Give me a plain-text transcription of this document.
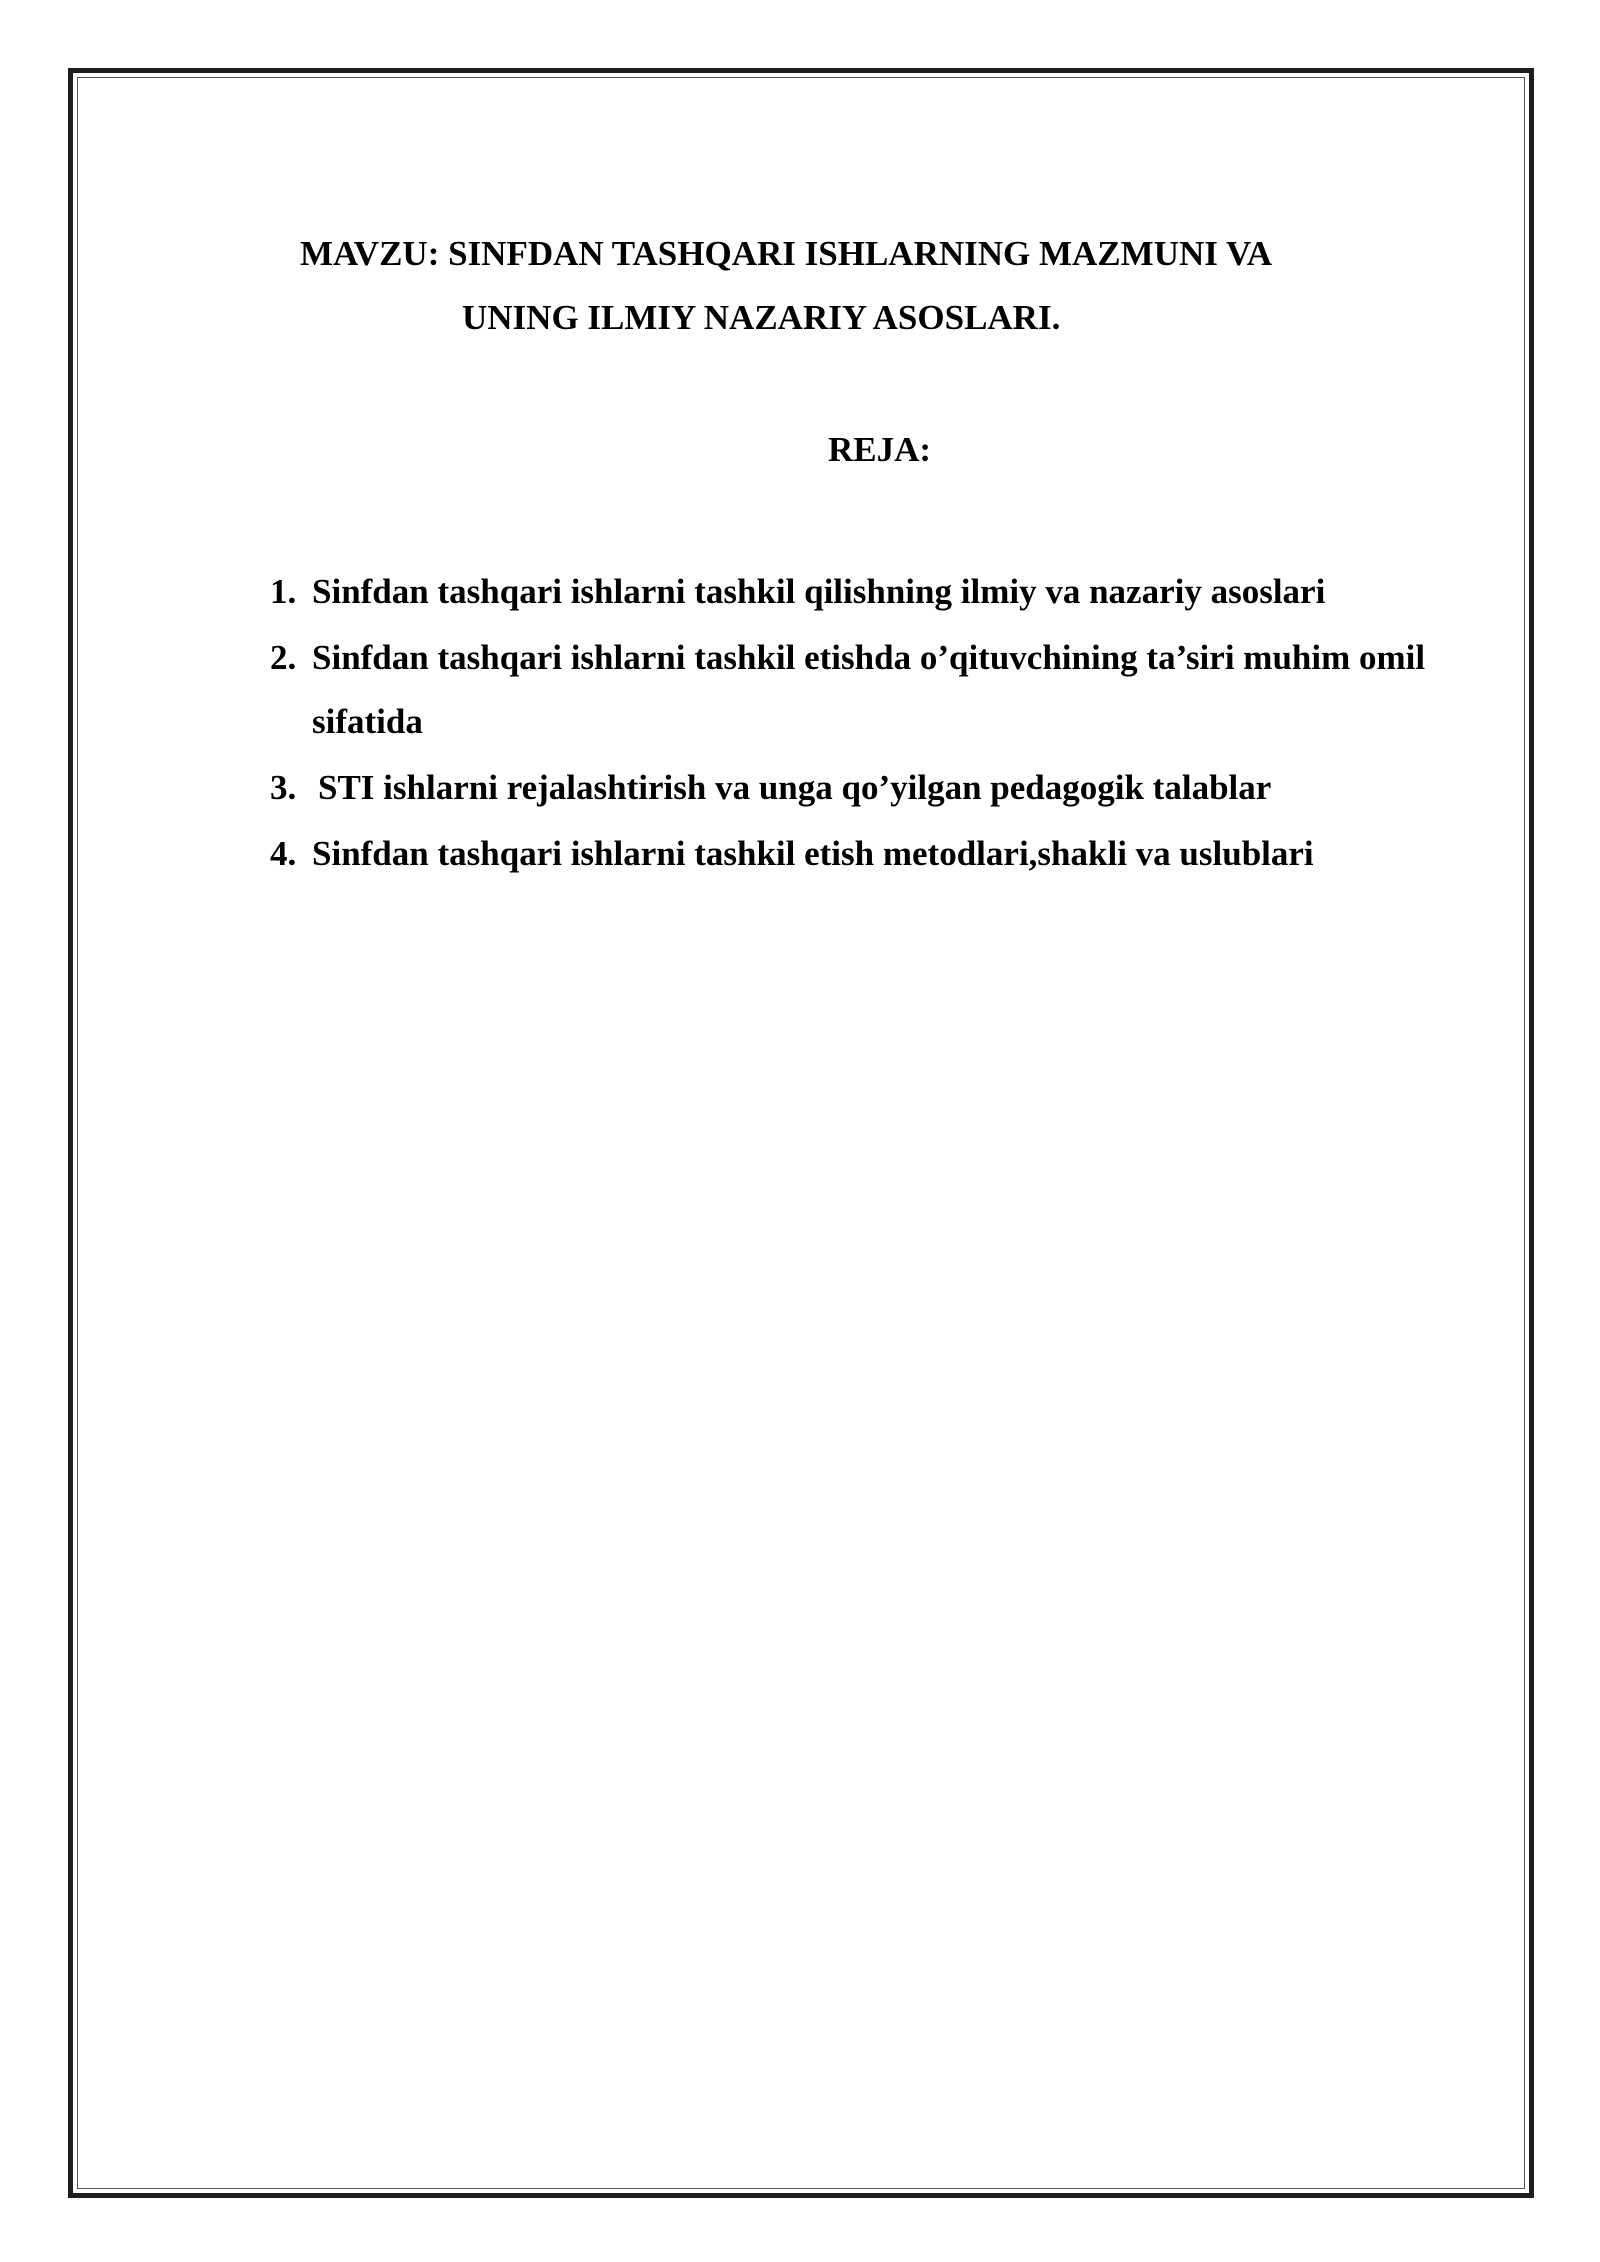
MAVZU: SINFDAN TASHQARI ISHLARNING MAZMUNI VA
UNING ILMIY NAZARIY ASOSLARI.
REJA:
1. Sinfdan tashqari ishlarni tashkil qilishning ilmiy va nazariy asoslari
2. Sinfdan tashqari ishlarni tashkil etishda o’qituvchining ta’siri muhim omil sifatida
3. STI ishlarni rejalashtirish va unga qo’yilgan pedagogik talablar
4. Sinfdan tashqari ishlarni tashkil etish metodlari,shakli va uslublari
